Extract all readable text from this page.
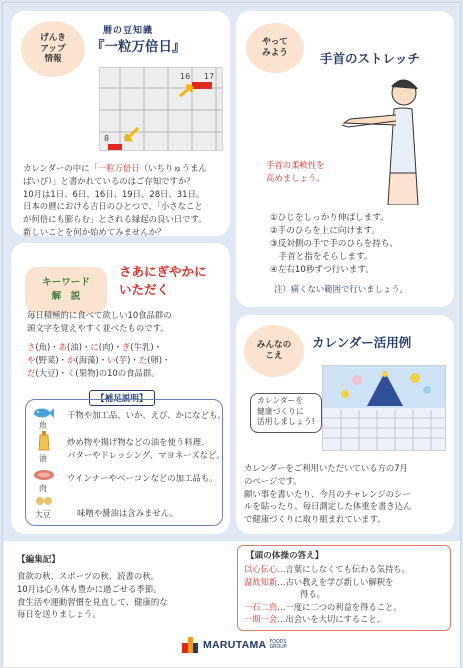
げんき
アップ
情報
暦の豆知識
『一粒万倍日』
16 17
8 9
カレンダーの中に「一粒万倍日（いちりゅうまん
ばいび）」と書かれているのはご存知ですか？
10月は1日、6日、16日、19日、28日、31日。
日本の暦における吉日のひとつで、「小さなこと
が何倍にも膨らむ」とされる縁起の良い日です。
新しいことを何か始めてみませんか？
やって
みよう	手首のストレッチ
手首の柔軟性を
高めましょう。
①ひじをしっかり伸ばします。
②手のひらを上に向けます。
③反対側の手で手のひらを持ち、
　手首と指をそらします。
④左右10秒ずつ行います。
注）痛くない範囲で行いましょう。
キーワード
解　説
さあにぎやかに
いただく
毎日積極的に食べて欲しい10食品群の
頭文字を覚えやすく並べたものです。
さ(魚)・あ(油)・に(肉)・ぎ(牛乳)・
や(野菜)・か(海藻)・い(芋)・た(卵)・
だ(大豆)・く(果物)の10の食品群。
【補足説明】
魚
干物や加工品、いか、えび、かになども。
油
炒め物や揚げ物などの油を使う料理、
バターやドレッシング、マヨネーズなど。
肉
ウインナーやベーコンなどの加工品も。
大豆	味噌や醤油は含みません。
みんなの
こえ
カレンダー活用例
カレンダーを
健康づくりに
活用しましょう!
カレンダーをご利用いただいている方の7月
のページです。
願い事を書いたり、今月のチャレンジのシー
ルを貼ったり、毎日測定した体重を書き込ん
で健康づくりに取り組まれています。
【編集記】
食欲の秋、スポーツの秋、読書の秋。
10月は心も体も豊かに過ごせる季節。
食生活や運動習慣を見直して、健康的な
毎日を送りましょう。
【頭の体操の答え】
以心伝心…言葉にしなくても伝わる気持ち。
温故知新…古い教えを学び新しい解釈を
得る。
一石二鳥…一度に二つの利益を得ること。
一期一会…出会いを大切にすること。
MARUTAMA FOODS
GROUP
